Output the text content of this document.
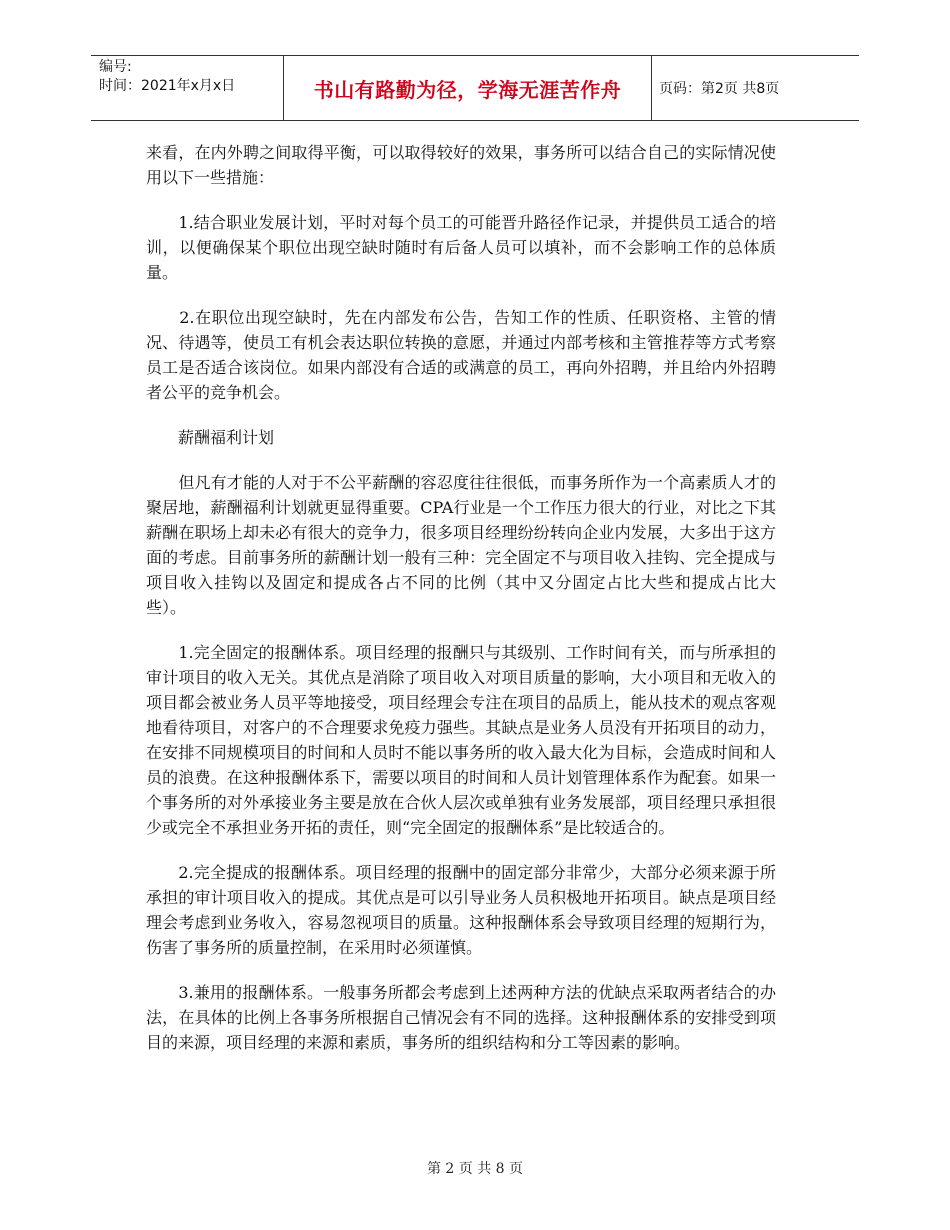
编号:
时间：2021年x月x日	书山有路勤为径，学海无涯苦作舟	页码：第2页 共8页

来看，在内外聘之间取得平衡，可以取得较好的效果，事务所可以结合自己的实际情况使用以下一些措施：

　　1.结合职业发展计划，平时对每个员工的可能晋升路径作记录，并提供员工适合的培训，以便确保某个职位出现空缺时随时有后备人员可以填补，而不会影响工作的总体质量。

　　2.在职位出现空缺时，先在内部发布公告，告知工作的性质、任职资格、主管的情况、待遇等，使员工有机会表达职位转换的意愿，并通过内部考核和主管推荐等方式考察员工是否适合该岗位。如果内部没有合适的或满意的员工，再向外招聘，并且给内外招聘者公平的竞争机会。

　　薪酬福利计划

　　但凡有才能的人对于不公平薪酬的容忍度往往很低，而事务所作为一个高素质人才的聚居地，薪酬福利计划就更显得重要。CPA行业是一个工作压力很大的行业，对比之下其薪酬在职场上却未必有很大的竞争力，很多项目经理纷纷转向企业内发展，大多出于这方面的考虑。目前事务所的薪酬计划一般有三种：完全固定不与项目收入挂钩、完全提成与项目收入挂钩以及固定和提成各占不同的比例（其中又分固定占比大些和提成占比大些）。

　　1.完全固定的报酬体系。项目经理的报酬只与其级别、工作时间有关，而与所承担的审计项目的收入无关。其优点是消除了项目收入对项目质量的影响，大小项目和无收入的项目都会被业务人员平等地接受，项目经理会专注在项目的品质上，能从技术的观点客观地看待项目，对客户的不合理要求免疫力强些。其缺点是业务人员没有开拓项目的动力，在安排不同规模项目的时间和人员时不能以事务所的收入最大化为目标，会造成时间和人员的浪费。在这种报酬体系下，需要以项目的时间和人员计划管理体系作为配套。如果一个事务所的对外承接业务主要是放在合伙人层次或单独有业务发展部，项目经理只承担很少或完全不承担业务开拓的责任，则“完全固定的报酬体系”是比较适合的。

　　2.完全提成的报酬体系。项目经理的报酬中的固定部分非常少，大部分必须来源于所承担的审计项目收入的提成。其优点是可以引导业务人员积极地开拓项目。缺点是项目经理会考虑到业务收入，容易忽视项目的质量。这种报酬体系会导致项目经理的短期行为，伤害了事务所的质量控制，在采用时必须谨慎。

　　3.兼用的报酬体系。一般事务所都会考虑到上述两种方法的优缺点采取两者结合的办法，在具体的比例上各事务所根据自己情况会有不同的选择。这种报酬体系的安排受到项目的来源，项目经理的来源和素质，事务所的组织结构和分工等因素的影响。

第 2 页 共 8 页
